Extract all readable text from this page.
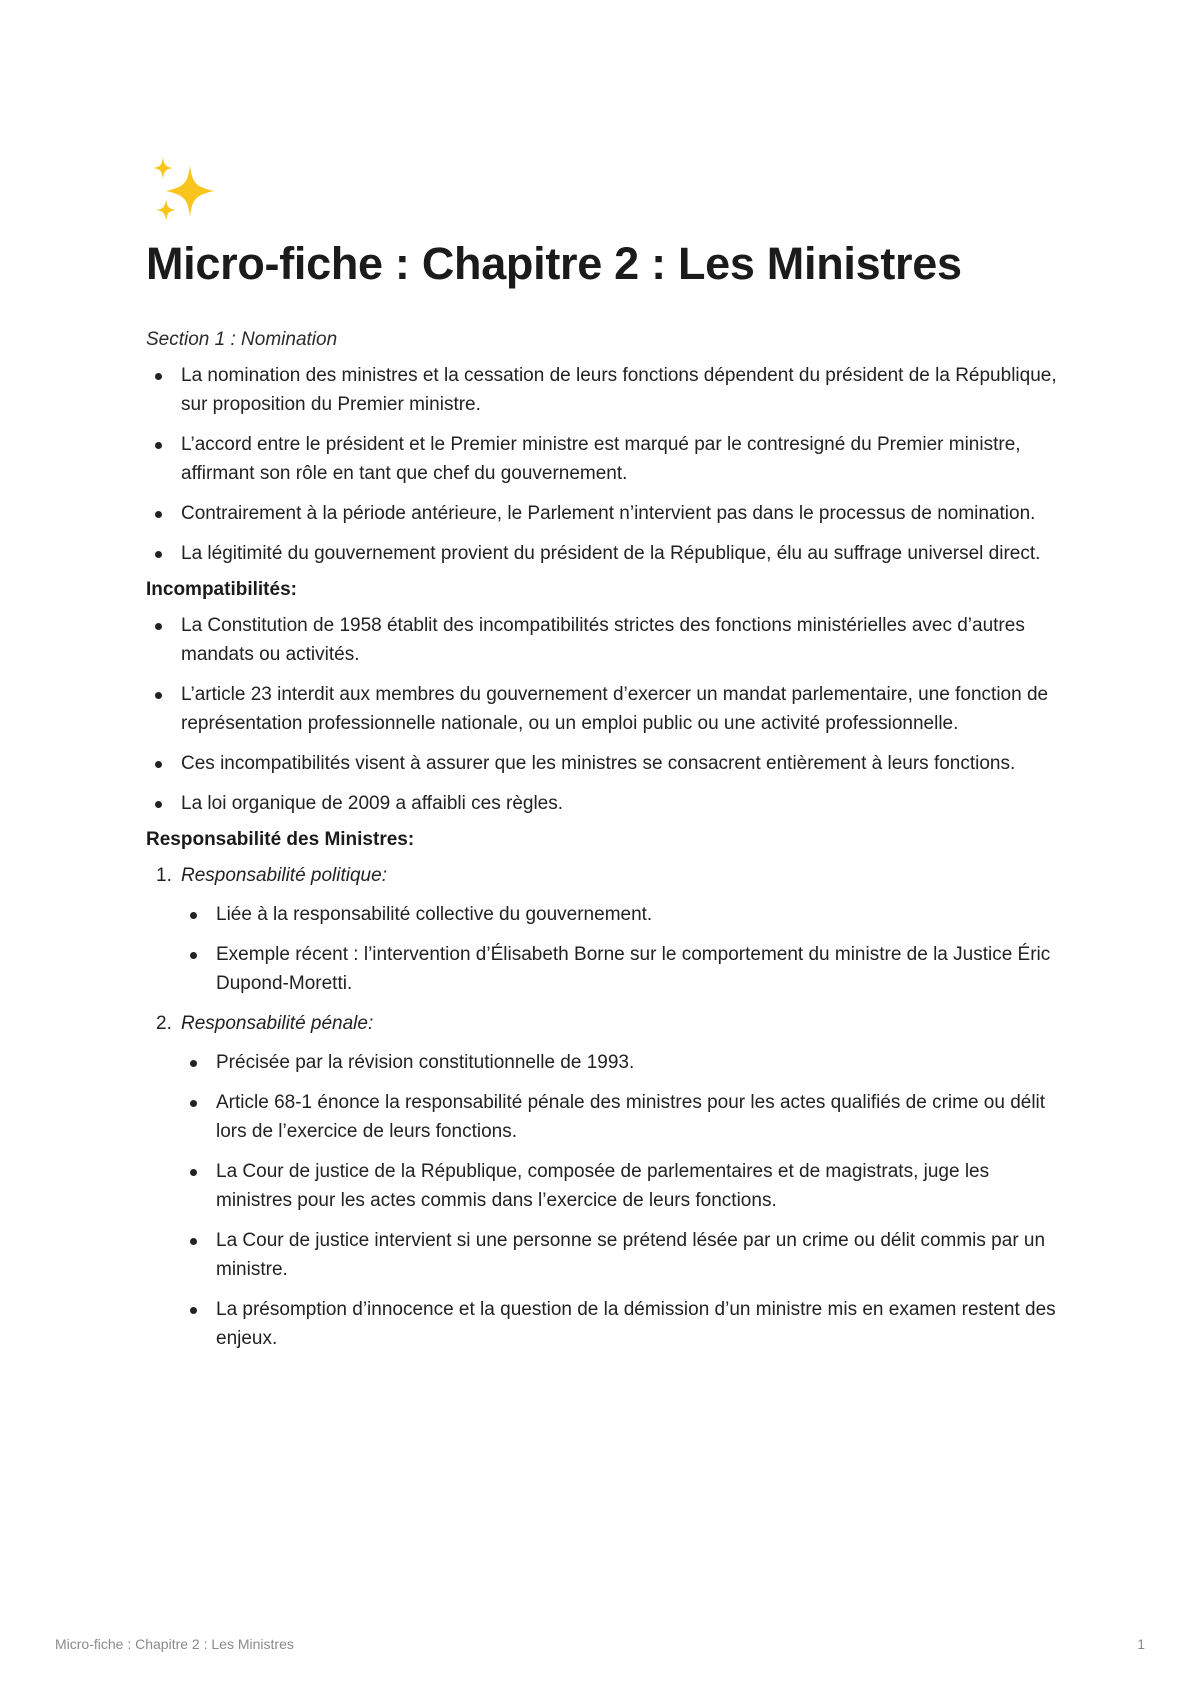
Micro-fiche : Chapitre 2 : Les Ministres
Section 1 : Nomination
La nomination des ministres et la cessation de leurs fonctions dépendent du président de la République, sur proposition du Premier ministre.
L’accord entre le président et le Premier ministre est marqué par le contresigné du Premier ministre, affirmant son rôle en tant que chef du gouvernement.
Contrairement à la période antérieure, le Parlement n’intervient pas dans le processus de nomination.
La légitimité du gouvernement provient du président de la République, élu au suffrage universel direct.
Incompatibilités:
La Constitution de 1958 établit des incompatibilités strictes des fonctions ministérielles avec d’autres mandats ou activités.
L’article 23 interdit aux membres du gouvernement d’exercer un mandat parlementaire, une fonction de représentation professionnelle nationale, ou un emploi public ou une activité professionnelle.
Ces incompatibilités visent à assurer que les ministres se consacrent entièrement à leurs fonctions.
La loi organique de 2009 a affaibli ces règles.
Responsabilité des Ministres:
1. Responsabilité politique:
Liée à la responsabilité collective du gouvernement.
Exemple récent : l’intervention d’Élisabeth Borne sur le comportement du ministre de la Justice Éric Dupond-Moretti.
2. Responsabilité pénale:
Précisée par la révision constitutionnelle de 1993.
Article 68-1 énonce la responsabilité pénale des ministres pour les actes qualifiés de crime ou délit lors de l’exercice de leurs fonctions.
La Cour de justice de la République, composée de parlementaires et de magistrats, juge les ministres pour les actes commis dans l’exercice de leurs fonctions.
La Cour de justice intervient si une personne se prétend lésée par un crime ou délit commis par un ministre.
La présomption d’innocence et la question de la démission d’un ministre mis en examen restent des enjeux.
Micro-fiche : Chapitre 2 : Les Ministres	1
